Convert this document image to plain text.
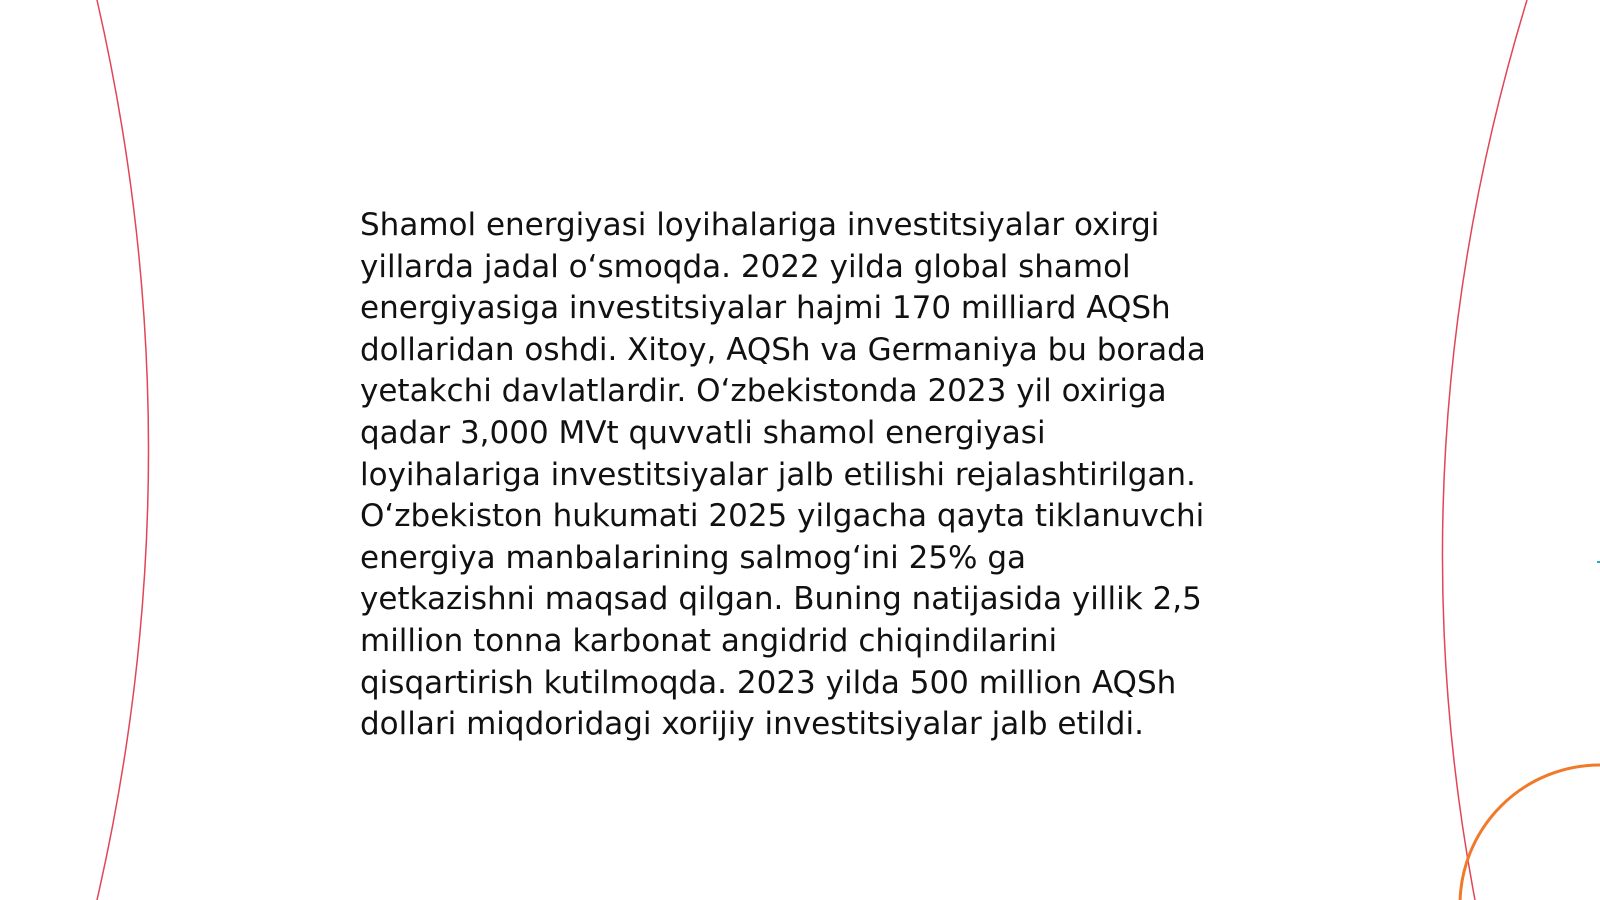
Shamol energiyasi loyihalariga investitsiyalar oxirgi
yillarda jadal o‘smoqda. 2022 yilda global shamol
energiyasiga investitsiyalar hajmi 170 milliard AQSh
dollaridan oshdi. Xitoy, AQSh va Germaniya bu borada
yetakchi davlatlardir. O‘zbekistonda 2023 yil oxiriga
qadar 3,000 MVt quvvatli shamol energiyasi
loyihalariga investitsiyalar jalb etilishi rejalashtirilgan.
O‘zbekiston hukumati 2025 yilgacha qayta tiklanuvchi
energiya manbalarining salmog‘ini 25% ga
yetkazishni maqsad qilgan. Buning natijasida yillik 2,5
million tonna karbonat angidrid chiqindilarini
qisqartirish kutilmoqda. 2023 yilda 500 million AQSh
dollari miqdoridagi xorijiy investitsiyalar jalb etildi.
